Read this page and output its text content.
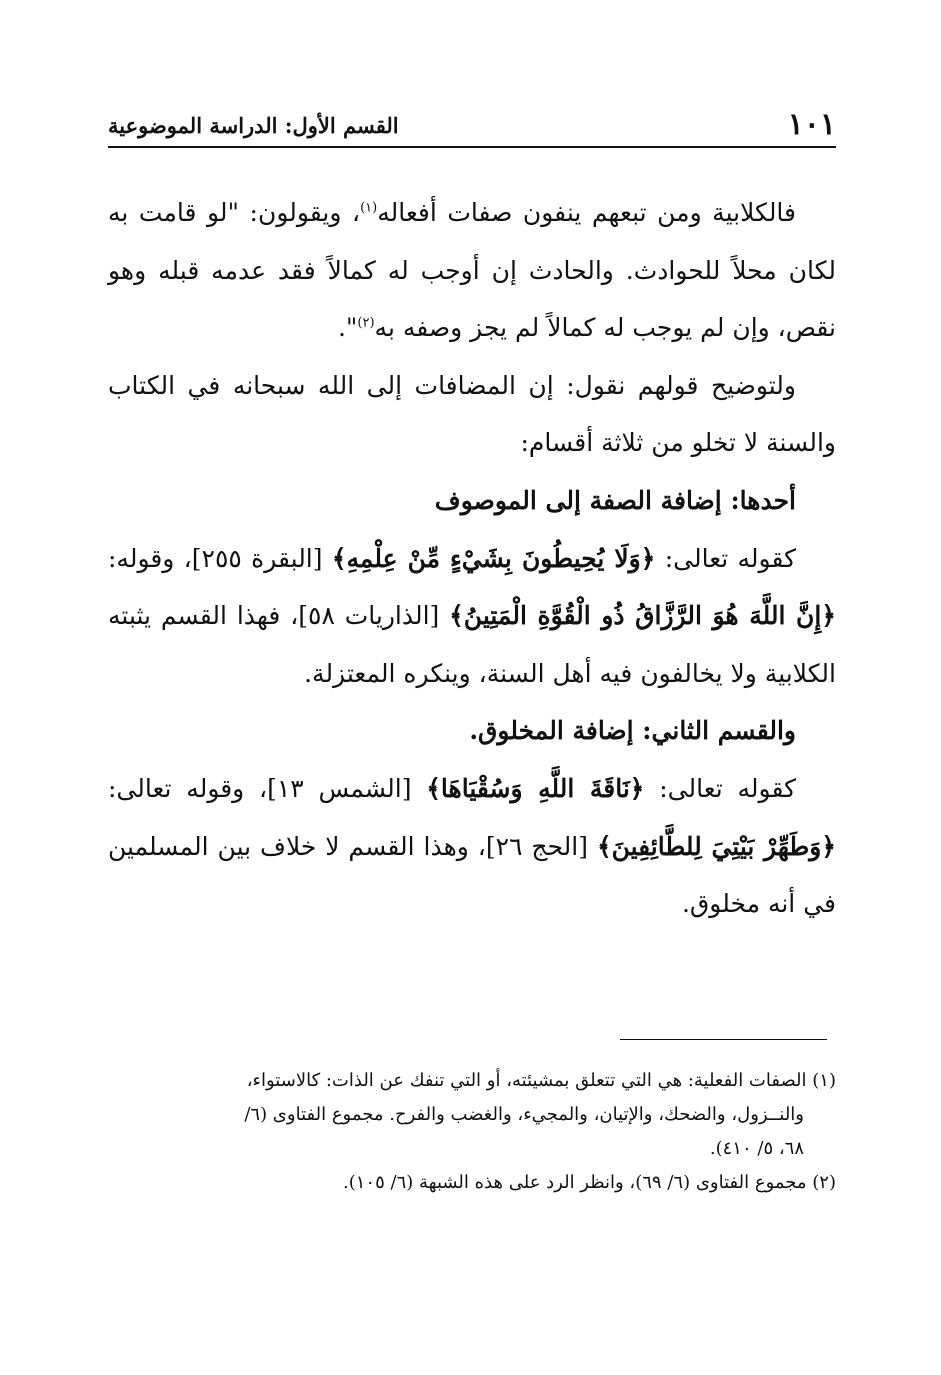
١٠١
القسم الأول: الدراسة الموضوعية

فالكلابية ومن تبعهم ينفون صفات أفعاله$^{(١)}$، ويقولون: "لو قامت به لكان محلاً للحوادث. والحادث إن أوجب له كمالاً فقد عدمه قبله وهو نقص، وإن لم يوجب له كمالاً لم يجز وصفه به$^{(٢)}$".

ولتوضيح قولهم نقول: إن المضافات إلى الله سبحانه في الكتاب والسنة لا تخلو من ثلاثة أقسام:

أحدها: إضافة الصفة إلى الموصوف

كقوله تعالى: ﴿وَلَا يُحِيطُونَ بِشَيْءٍ مِّنْ عِلْمِهِ﴾ [البقرة ٢٥٥]، وقوله: ﴿إِنَّ اللَّهَ هُوَ الرَّزَّاقُ ذُو الْقُوَّةِ الْمَتِينُ﴾ [الذاريات ٥٨]، فهذا القسم يثبته الكلابية ولا يخالفون فيه أهل السنة، وينكره المعتزلة.

والقسم الثاني: إضافة المخلوق.

كقوله تعالى: ﴿نَاقَةَ اللَّهِ وَسُقْيَاهَا﴾ [الشمس ١٣]، وقوله تعالى: ﴿وَطَهِّرْ بَيْتِيَ لِلطَّائِفِينَ﴾ [الحج ٢٦]، وهذا القسم لا خلاف بين المسلمين في أنه مخلوق.

(١) الصفات الفعلية: هي التي تتعلق بمشيئته، أو التي تنفك عن الذات: كالاستواء،

والنــزول، والضحك، والإتيان، والمجيء، والغضب والفرح. مجموع الفتاوى (٦/

٦٨، ٥/ ٤١٠).

(٢) مجموع الفتاوى (٦/ ٦٩)، وانظر الرد على هذه الشبهة (٦/ ١٠٥).
